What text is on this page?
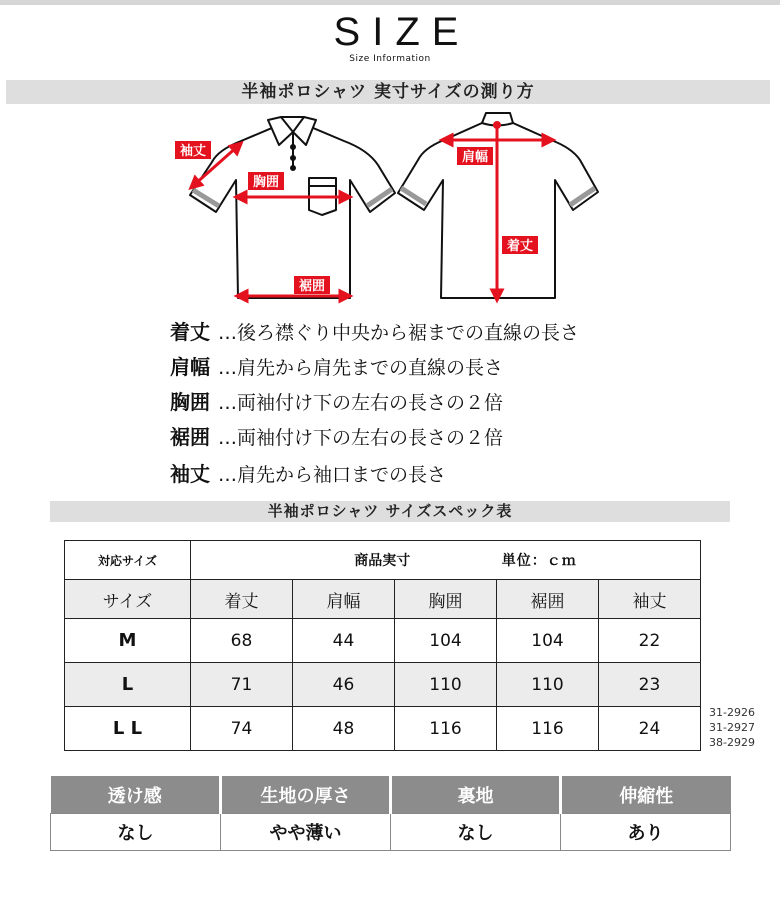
SIZE
Size Information
半袖ポロシャツ 実寸サイズの測り方
袖丈
胸囲
裾囲
肩幅
着丈
着丈 …後ろ襟ぐり中央から裾までの直線の長さ
肩幅 …肩先から肩先までの直線の長さ
胸囲 …両袖付け下の左右の長さの２倍
裾囲 …両袖付け下の左右の長さの２倍
袖丈 …肩先から袖口までの長さ
半袖ポロシャツ サイズスペック表
対応サイズ	商品実寸 単位：ｃｍ				
サイズ	着丈	肩幅	胸囲	裾囲	袖丈
M	68	44	104	104	22
L	71	46	110	110	23
L L	74	48	116	116	24
31-2926
31-2927
38-2929
透け感	生地の厚さ	裏地	伸縮性
なし	やや薄い	なし	あり
